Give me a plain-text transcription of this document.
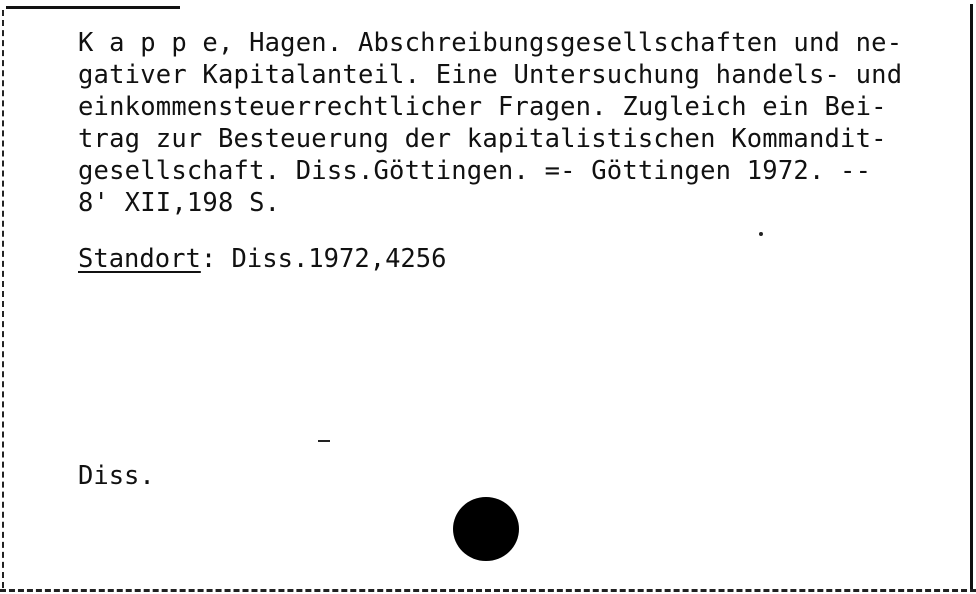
K a p p e, Hagen. Abschreibungsgesellschaften und ne-
gativer Kapitalanteil. Eine Untersuchung handels- und
einkommensteuerrechtlicher Fragen. Zugleich ein Bei-
trag zur Besteuerung der kapitalistischen Kommandit-
gesellschaft. Diss.Göttingen. =- Göttingen 1972. --
8' XII,198 S.
Standort: Diss.1972,4256
Diss.
